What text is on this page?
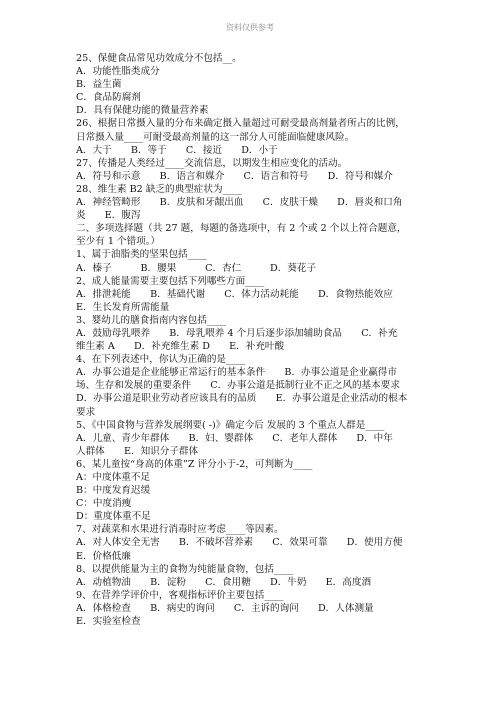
资料仅供参考
25、保健食品常见功效成分不包括__。
A．功能性脂类成分
B．益生菌
C．食品防腐剂
D．具有保健功能的微量营养素
26、根据日常摄入量的分布来确定摄入量超过可耐受最高剂量者所占的比例，
日常摄入量____可耐受最高剂量的这一部分人可能面临健康风险。
A．大于　　B．等于　　C．接近　　D．小于
27、传播是人类经过____交流信息，以期发生相应变化的活动。
A．符号和示意　　B．语言和媒介　　C．语言和符号　　D．符号和媒介
28、维生素 B2 缺乏的典型症状为____
A．神经管畸形　　B．皮肤和牙龈出血　　C．皮肤干燥　　D．唇炎和口角
炎　　E．腹泻
二、多项选择题（共 27 题，每题的备选项中，有 2 个或 2 个以上符合题意，
至少有 1 个错项。）
1、属于油脂类的坚果包括____
A．榛子　　　B．腰果　　　C．杏仁　　　D．葵花子
2、成人能量需要主要包括下列哪些方面____
A．排泄耗能　　B．基础代谢　　C．体力活动耗能　　D．食物热能效应
E．生长发育所需能量
3、婴幼儿的膳食指南内容包括____
A．鼓励母乳喂养　　B．母乳喂养 4 个月后逐步添加辅助食品　　C．补充
维生素 A　　D．补充维生素 D　　E．补充叶酸
4、在下列表述中，你认为正确的是____
A．办事公道是企业能够正常运行的基本条件　　B．办事公道是企业赢得市
场、生存和发展的重要条件　　C．办事公道是抵制行业不正之风的基本要求
D．办事公道是职业劳动者应该具有的品质　　E．办事公道是企业活动的根本
要求
5、《中国食物与营养发展纲要( -)》确定今后 发展的 3 个重点人群是____
A．儿童、青少年群体　　B．妇、婴群体　　C．老年人群体　　D．中年
人群体　　E．知识分子群体
6、某儿童按“身高的体重”Z 评分小于-2，可判断为____
A：中度体重不足
B：中度发育迟缓
C：中度消瘦
D：重度体重不足
7、对蔬菜和水果进行消毒时应考虑____等因素。
A．对人体安全无害　　B．不破坏营养素　　C．效果可靠　　D．使用方便
E．价格低廉
8、以提供能量为主的食物为纯能量食物，包括____
A．动植物油　　B．淀粉　　C．食用糖　　D．牛奶　　E．高度酒
9、在营养学评价中，客观指标评价主要包括____
A．体格检查　　B．病史的询问　　C．主诉的询问　　D．人体测量
E．实验室检查
